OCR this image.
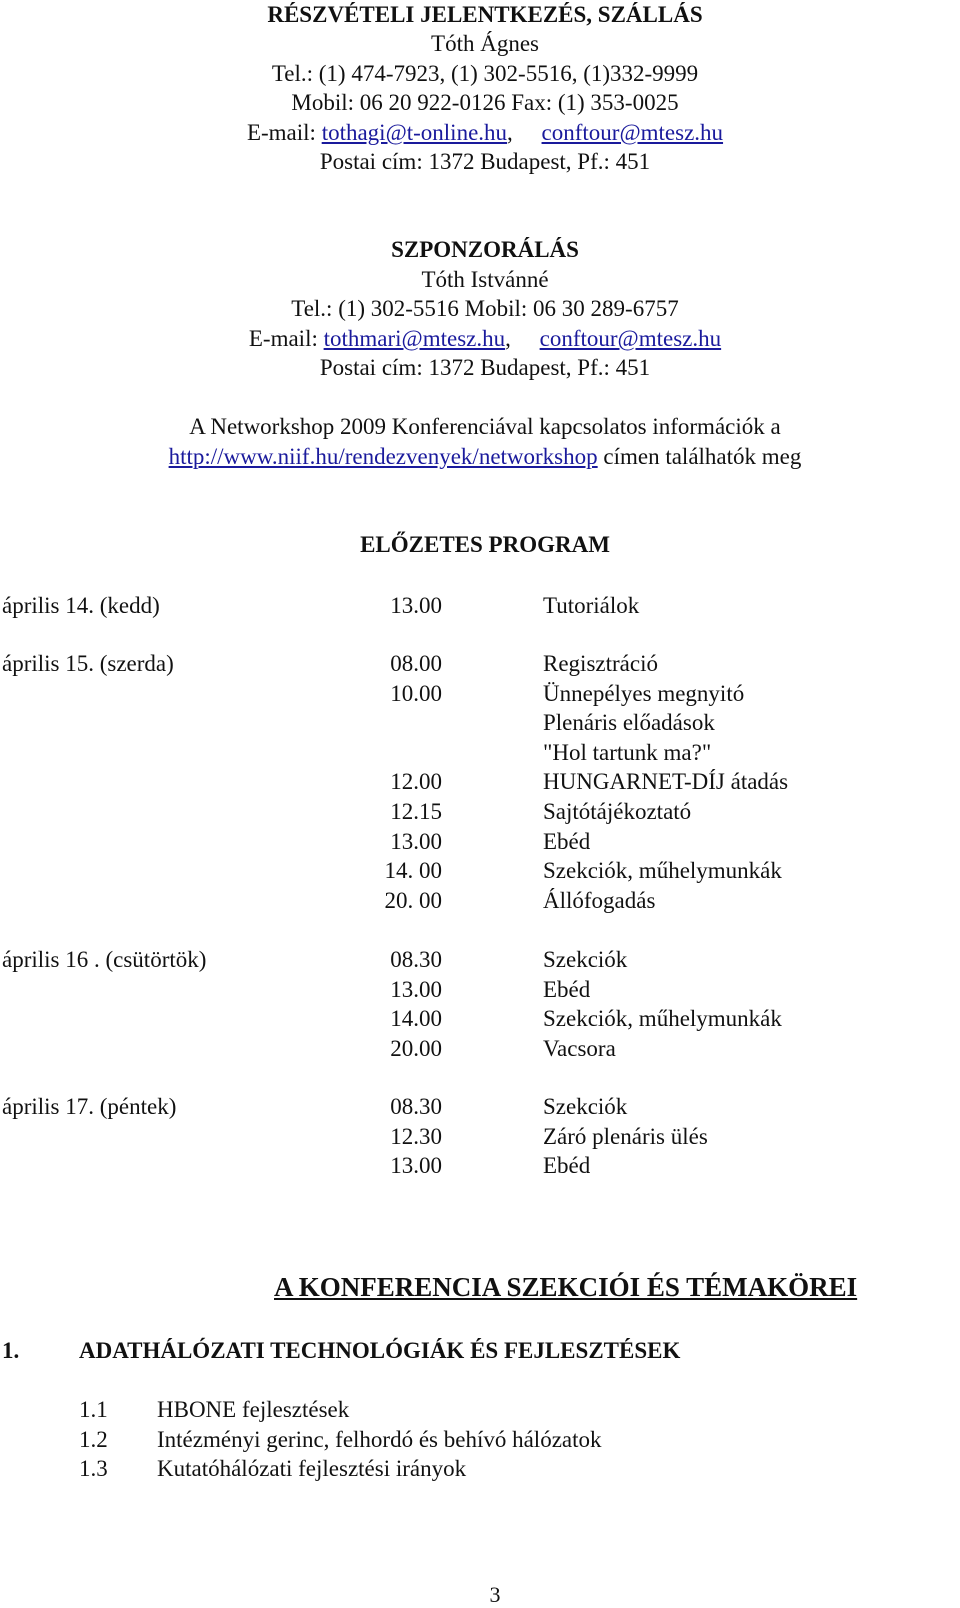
RÉSZVÉTELI JELENTKEZÉS, SZÁLLÁS
Tóth Ágnes
Tel.: (1) 474-7923, (1) 302-5516, (1)332-9999
Mobil: 06 20 922-0126 Fax: (1) 353-0025
E-mail: tothagi@t-online.hu, conftour@mtesz.hu
Postai cím: 1372 Budapest, Pf.: 451
SZPONZORÁLÁS
Tóth Istvánné
Tel.: (1) 302-5516 Mobil: 06 30 289-6757
E-mail: tothmari@mtesz.hu, conftour@mtesz.hu
Postai cím: 1372 Budapest, Pf.: 451
A Networkshop 2009 Konferenciával kapcsolatos információk a
http://www.niif.hu/rendezvenyek/networkshop címen találhatók meg
ELŐZETES PROGRAM
április 14. (kedd)	13.00	Tutoriálok
április 15. (szerda)	08.00	Regisztráció
10.00	Ünnepélyes megnyitó
Plenáris előadások
"Hol tartunk ma?"
12.00	HUNGARNET-DÍJ átadás
12.15	Sajtótájékoztató
13.00	Ebéd
14. 00	Szekciók, műhelymunkák
20. 00	Állófogadás
április 16 . (csütörtök)	08.30	Szekciók
13.00	Ebéd
14.00	Szekciók, műhelymunkák
20.00	Vacsora
április 17. (péntek)	08.30	Szekciók
12.30	Záró plenáris ülés
13.00	Ebéd
A KONFERENCIA SZEKCIÓI ÉS TÉMAKÖREI
1.	ADATHÁLÓZATI TECHNOLÓGIÁK ÉS FEJLESZTÉSEK
1.1 HBONE fejlesztések
1.2 Intézményi gerinc, felhordó és behívó hálózatok
1.3 Kutatóhálózati fejlesztési irányok
3
